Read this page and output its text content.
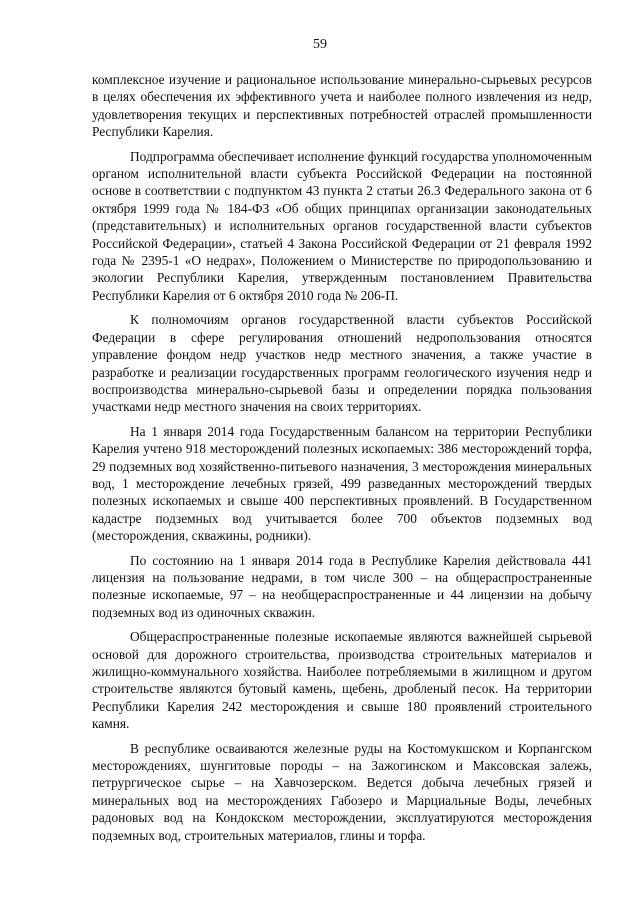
59

комплексное изучение и рациональное использование минерально-сырьевых ресурсов в целях обеспечения их эффективного учета и наиболее полного извлечения из недр, удовлетворения текущих и перспективных потребностей отраслей промышленности Республики Карелия.

Подпрограмма обеспечивает исполнение функций государства уполномоченным органом исполнительной власти субъекта Российской Федерации на постоянной основе в соответствии с подпунктом 43 пункта 2 статьи 26.3 Федерального закона от 6 октября 1999 года № 184-ФЗ «Об общих принципах организации законодательных (представительных) и исполнительных органов государственной власти субъектов Российской Федерации», статьей 4 Закона Российской Федерации от 21 февраля 1992 года № 2395-1 «О недрах», Положением о Министерстве по природопользованию и экологии Республики Карелия, утвержденным постановлением Правительства Республики Карелия от 6 октября 2010 года № 206-П.

К полномочиям органов государственной власти субъектов Российской Федерации в сфере регулирования отношений недропользования относятся управление фондом недр участков недр местного значения, а также участие в разработке и реализации государственных программ геологического изучения недр и воспроизводства минерально-сырьевой базы и определении порядка пользования участками недр местного значения на своих территориях.

На 1 января 2014 года Государственным балансом на территории Республики Карелия учтено 918 месторождений полезных ископаемых: 386 месторождений торфа, 29 подземных вод хозяйственно-питьевого назначения, 3 месторождения минеральных вод, 1 месторождение лечебных грязей, 499 разведанных месторождений твердых полезных ископаемых и свыше 400 перспективных проявлений. В Государственном кадастре подземных вод учитывается более 700 объектов подземных вод (месторождения, скважины, родники).

По состоянию на 1 января 2014 года в Республике Карелия действовала 441 лицензия на пользование недрами, в том числе 300 – на общераспространенные полезные ископаемые, 97 – на необщераспространенные и 44 лицензии на добычу подземных вод из одиночных скважин.

Общераспространенные полезные ископаемые являются важнейшей сырьевой основой для дорожного строительства, производства строительных материалов и жилищно-коммунального хозяйства. Наиболее потребляемыми в жилищном и другом строительстве являются бутовый камень, щебень, дробленый песок. На территории Республики Карелия 242 месторождения и свыше 180 проявлений строительного камня.

В республике осваиваются железные руды на Костомукшском и Корпангском месторождениях, шунгитовые породы – на Зажогинском и Максовская залежь, петрургическое сырье – на Хавчозерском. Ведется добыча лечебных грязей и минеральных вод на месторождениях Габозеро и Марциальные Воды, лечебных радоновых вод на Кондокском месторождении, эксплуатируются месторождения подземных вод, строительных материалов, глины и торфа.
